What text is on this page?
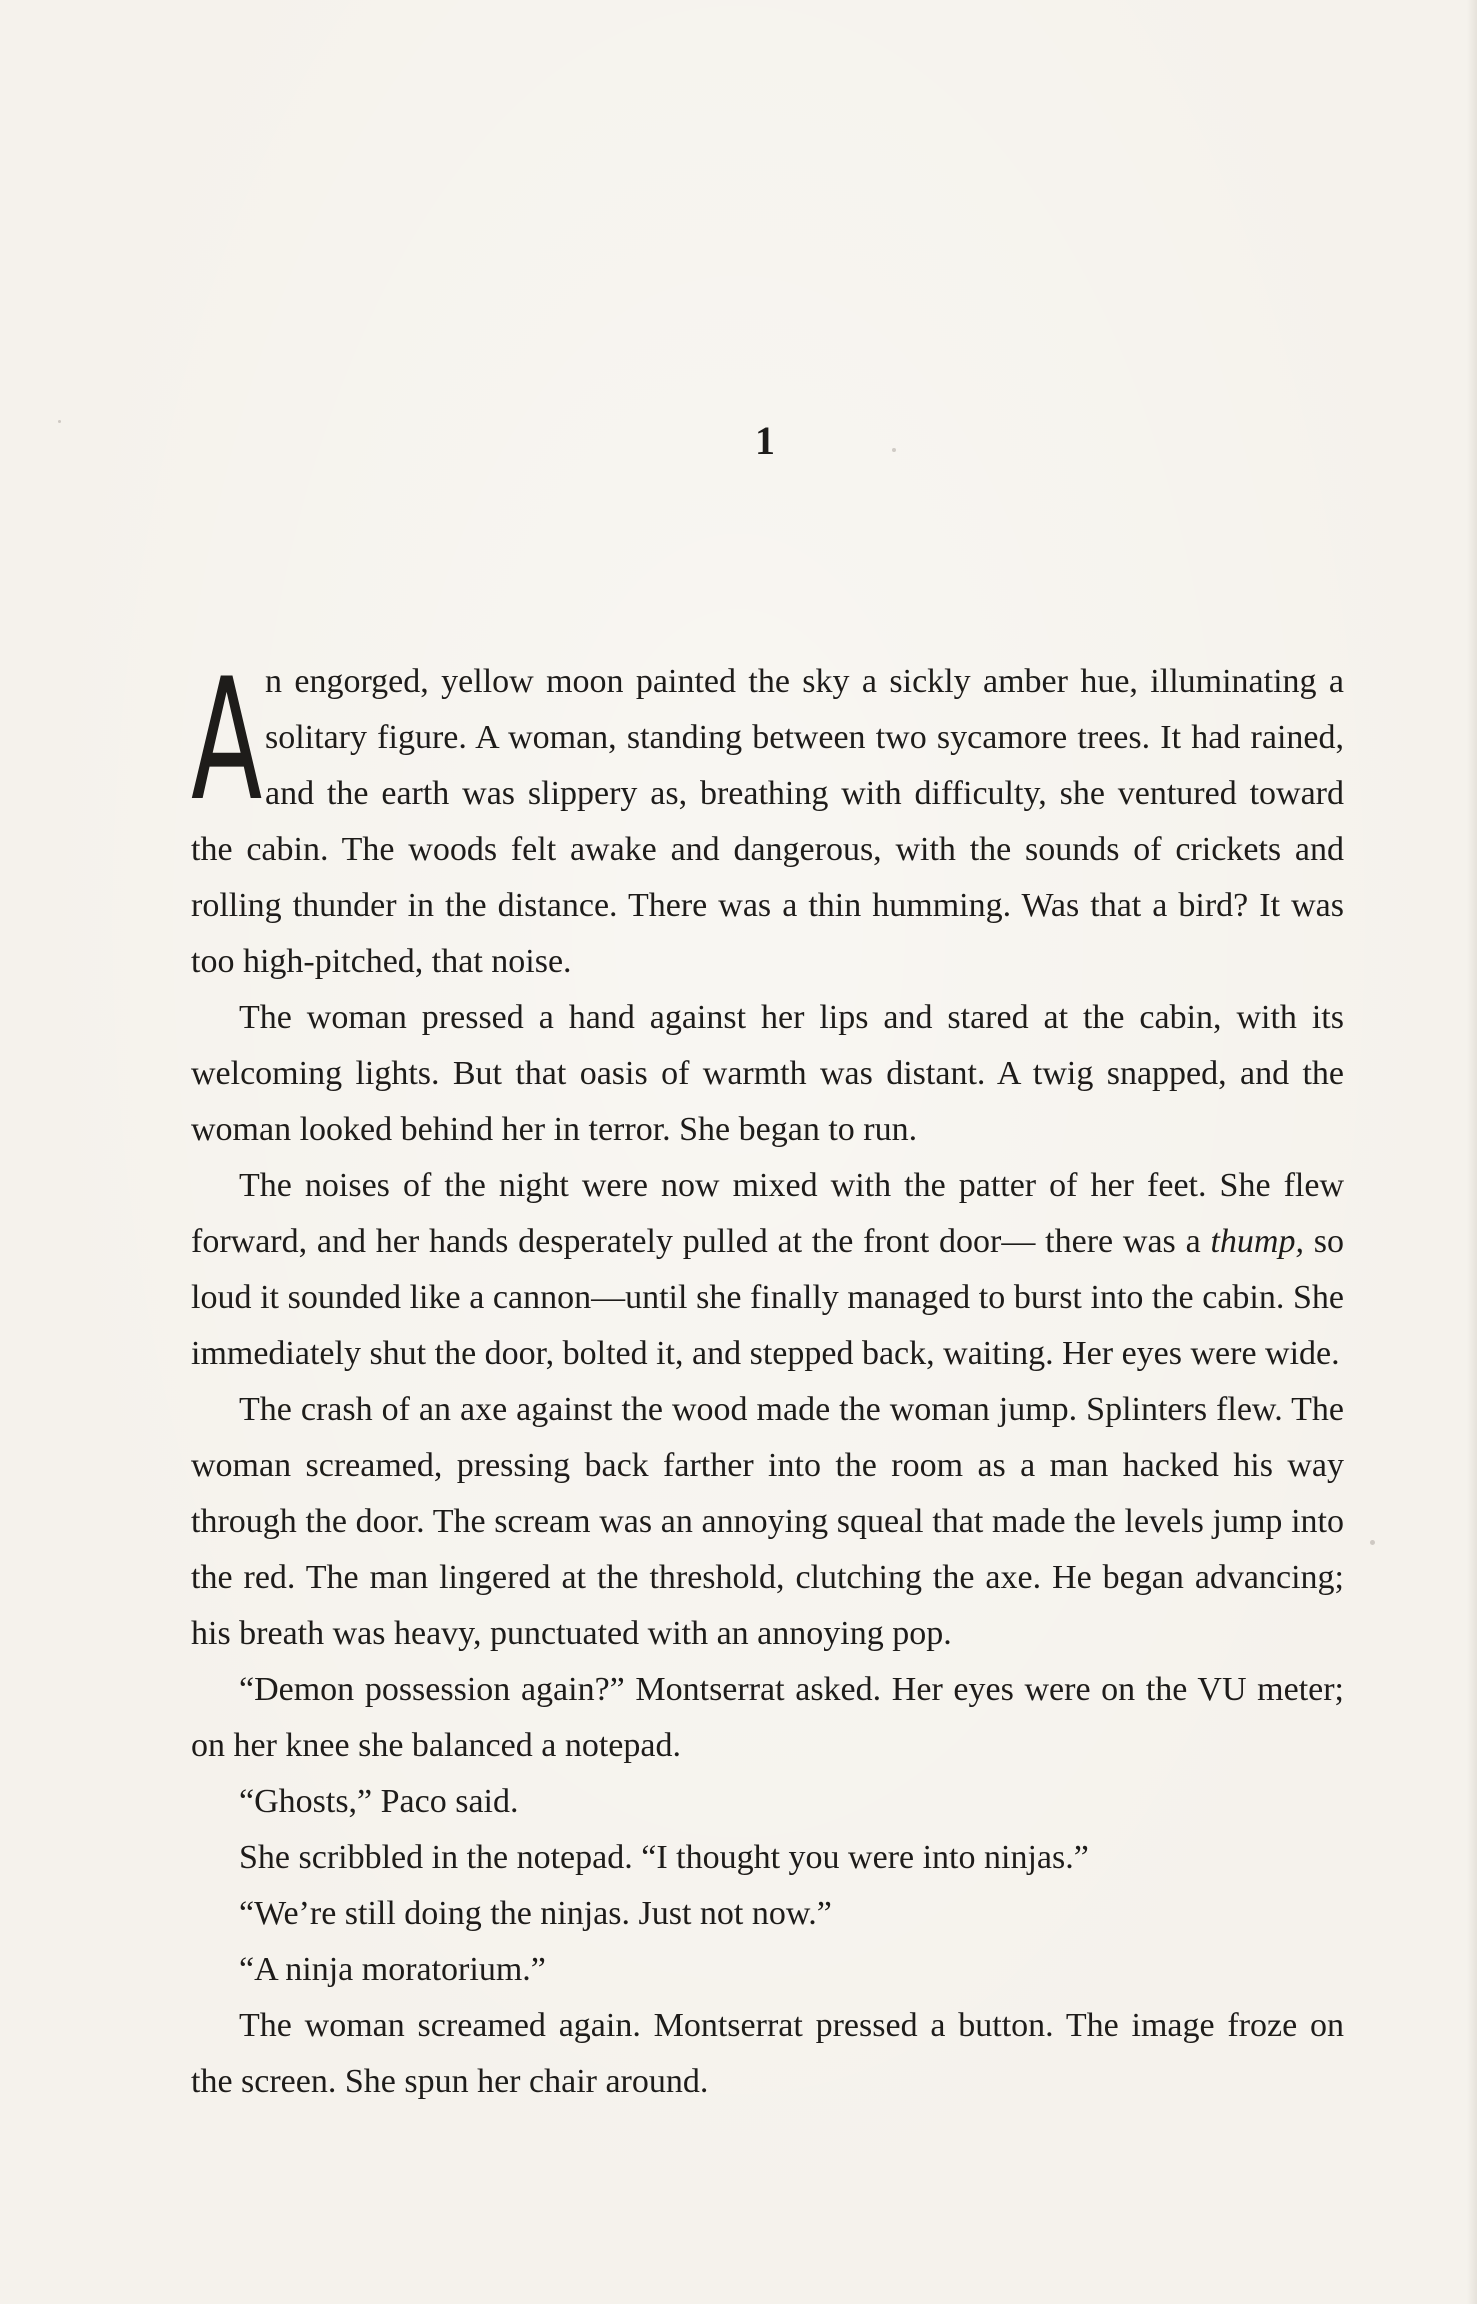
1

An engorged, yellow moon painted the sky a sickly amber hue, illuminating a solitary figure. A woman, standing between two sycamore trees. It had rained, and the earth was slippery as, breathing with difficulty, she ventured toward the cabin. The woods felt awake and dangerous, with the sounds of crickets and rolling thunder in the distance. There was a thin humming. Was that a bird? It was too high-pitched, that noise.

The woman pressed a hand against her lips and stared at the cabin, with its welcoming lights. But that oasis of warmth was distant. A twig snapped, and the woman looked behind her in terror. She began to run.

The noises of the night were now mixed with the patter of her feet. She flew forward, and her hands desperately pulled at the front door— there was a thump, so loud it sounded like a cannon—until she finally managed to burst into the cabin. She immediately shut the door, bolted it, and stepped back, waiting. Her eyes were wide.

The crash of an axe against the wood made the woman jump. Splinters flew. The woman screamed, pressing back farther into the room as a man hacked his way through the door. The scream was an annoying squeal that made the levels jump into the red. The man lingered at the threshold, clutching the axe. He began advancing; his breath was heavy, punctuated with an annoying pop.

“Demon possession again?” Montserrat asked. Her eyes were on the VU meter; on her knee she balanced a notepad.

“Ghosts,” Paco said.

She scribbled in the notepad. “I thought you were into ninjas.”

“We’re still doing the ninjas. Just not now.”

“A ninja moratorium.”

The woman screamed again. Montserrat pressed a button. The image froze on the screen. She spun her chair around.
